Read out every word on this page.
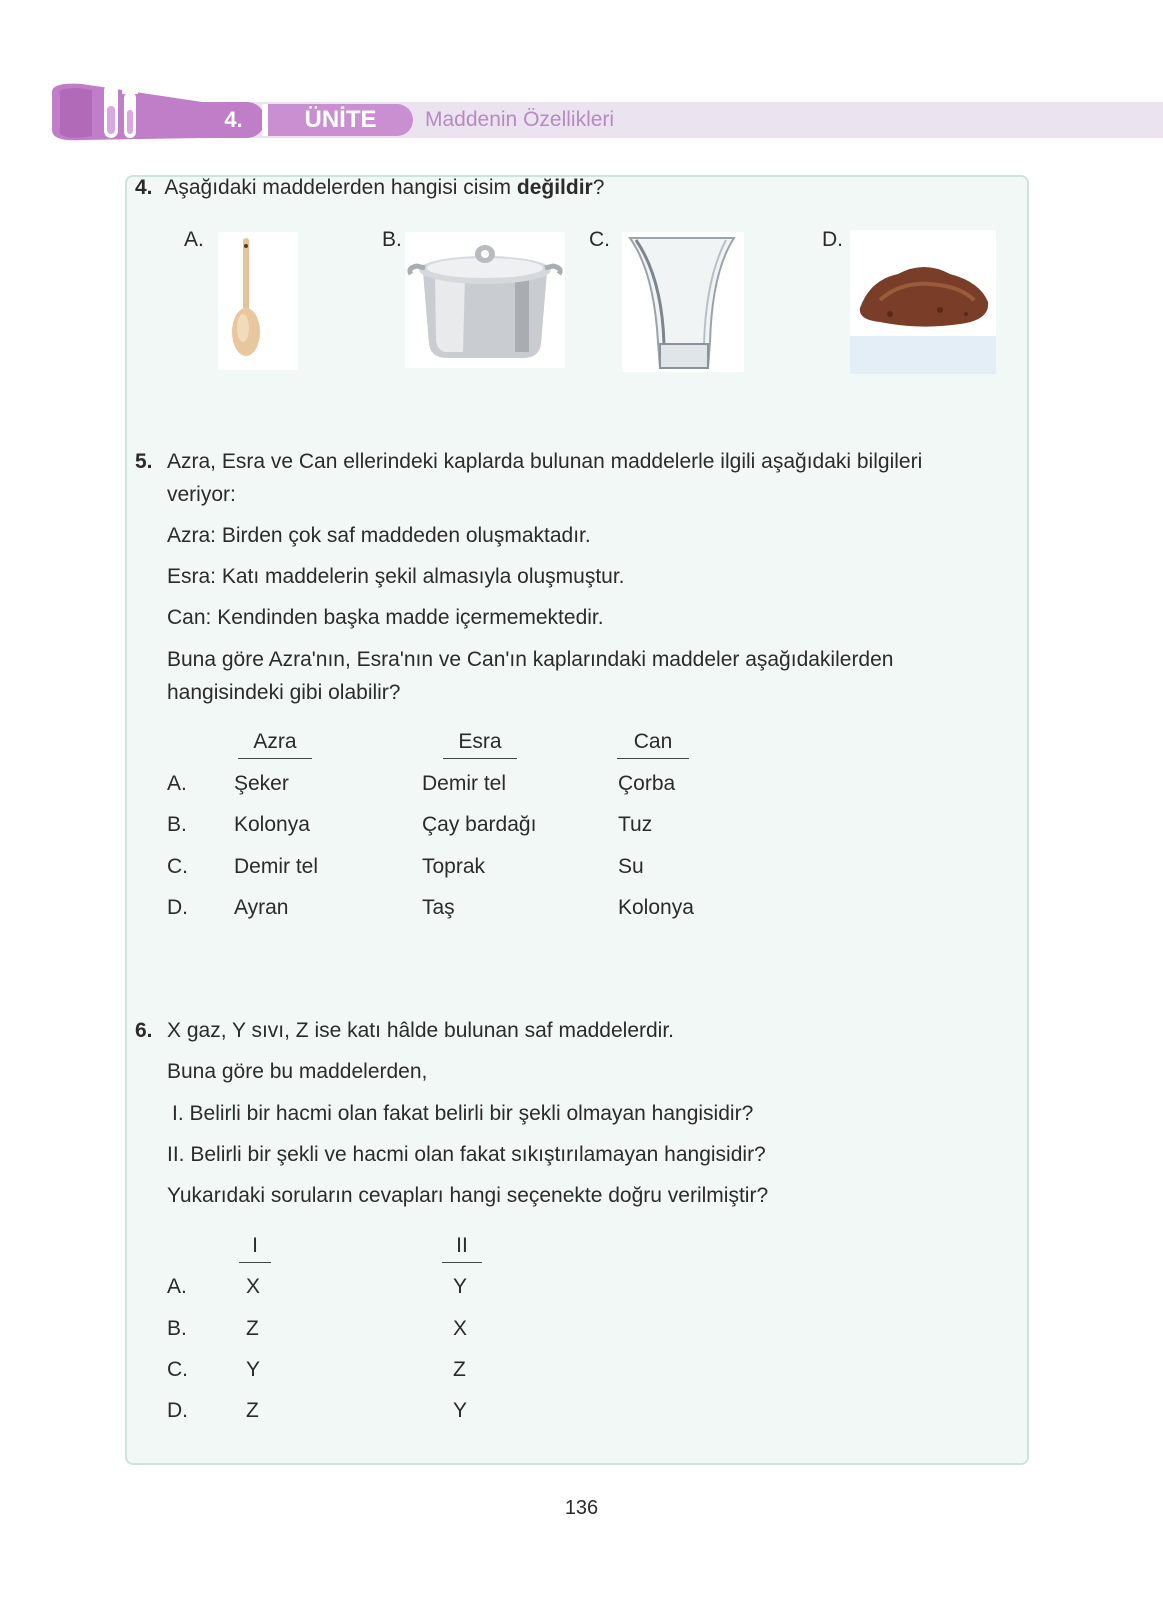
4.	ÜNİTE	Maddenin Özellikleri
4. Aşağıdaki maddelerden hangisi cisim değildir?
A.	B.	C.	D.
5. Azra, Esra ve Can ellerindeki kaplarda bulunan maddelerle ilgili aşağıdaki bilgileri
veriyor:
Azra: Birden çok saf maddeden oluşmaktadır.
Esra: Katı maddelerin şekil almasıyla oluşmuştur.
Can: Kendinden başka madde içermemektedir.
Buna göre Azra'nın, Esra'nın ve Can'ın kaplarındaki maddeler aşağıdakilerden
hangisindeki gibi olabilir?
Azra	Esra	Can
A. Şeker	Demir tel	Çorba
B. Kolonya	Çay bardağı	Tuz
C. Demir tel	Toprak	Su
D. Ayran	Taş	Kolonya
6. X gaz, Y sıvı, Z ise katı hâlde bulunan saf maddelerdir.
Buna göre bu maddelerden,
I. Belirli bir hacmi olan fakat belirli bir şekli olmayan hangisidir?
II. Belirli bir şekli ve hacmi olan fakat sıkıştırılamayan hangisidir?
Yukarıdaki soruların cevapları hangi seçenekte doğru verilmiştir?
I	II
A.	X	Y
B.	Z	X
C.	Y	Z
D.	Z	Y
136
